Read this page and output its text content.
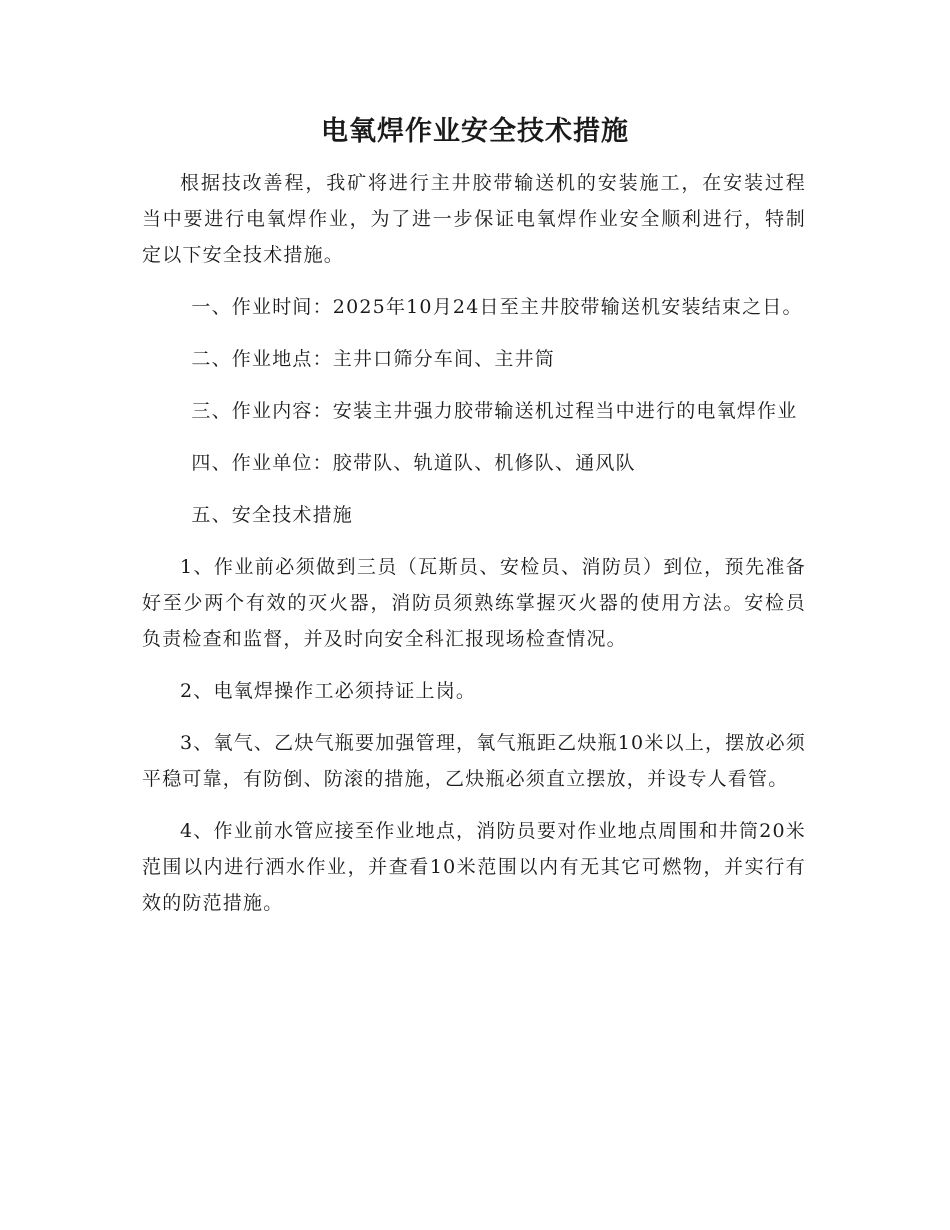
电氧焊作业安全技术措施

根据技改善程，我矿将进行主井胶带输送机的安装施工，在安装过程当中要进行电氧焊作业，为了进一步保证电氧焊作业安全顺利进行，特制定以下安全技术措施。

一、作业时间：2025年10月24日至主井胶带输送机安装结束之日。

二、作业地点：主井口筛分车间、主井筒

三、作业内容：安装主井强力胶带输送机过程当中进行的电氧焊作业

四、作业单位：胶带队、轨道队、机修队、通风队

五、安全技术措施

1、作业前必须做到三员（瓦斯员、安检员、消防员）到位，预先准备好至少两个有效的灭火器，消防员须熟练掌握灭火器的使用方法。安检员负责检查和监督，并及时向安全科汇报现场检查情况。

2、电氧焊操作工必须持证上岗。

3、氧气、乙炔气瓶要加强管理，氧气瓶距乙炔瓶10米以上，摆放必须平稳可靠，有防倒、防滚的措施，乙炔瓶必须直立摆放，并设专人看管。

4、作业前水管应接至作业地点，消防员要对作业地点周围和井筒20米范围以内进行洒水作业，并查看10米范围以内有无其它可燃物，并实行有效的防范措施。
